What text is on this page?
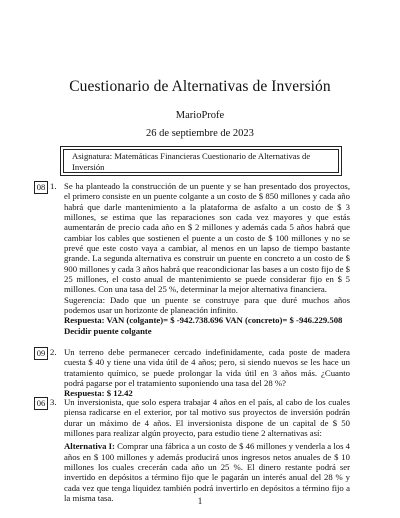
Cuestionario de Alternativas de Inversión
MarioProfe
26 de septiembre de 2023
Asignatura: Matemáticas Financieras Cuestionario de Alternativas de Inversión
08 1. Se ha planteado la construcción de un puente y se han presentado dos proyectos, el primero consiste en un puente colgante a un costo de $ 850 millones y cada año habrá que darle mantenimiento a la plataforma de asfalto a un costo de $ 3 millones, se estima que las reparaciones son cada vez mayores y que estás aumentarán de precio cada año en $ 2 millones y además cada 5 años habrá que cambiar los cables que sostienen el puente a un costo de $ 100 millones y no se prevé que este costo vaya a cambiar, al menos en un lapso de tiempo bastante grande. La segunda alternativa es construir un puente en concreto a un costo de $ 900 millones y cada 3 años habrá que reacondicionar las bases a un costo fijo de $ 25 millones, el costo anual de mantenimiento se puede considerar fijo en $ 5 millones. Con una tasa del 25 %, determinar la mejor alternativa financiera.

Sugerencia: Dado que un puente se construye para que duré muchos años podemos usar un horizonte de planeación infinito.

Respuesta: VAN (colgante)= $ -942.738.696 VAN (concreto)= $ -946.229.508

Decidir puente colgante

09 2. Un terreno debe permanecer cercado indefinidamente, cada poste de madera cuesta $ 40 y tiene una vida útil de 4 años; pero, si siendo nuevos se les hace un tratamiento químico, se puede prolongar la vida útil en 3 años más. ¿Cuanto podrá pagarse por el tratamiento suponiendo una tasa del 28 %?

Respuesta: $ 12.42

06 3. Un inversionista, que solo espera trabajar 4 años en el país, al cabo de los cuales piensa radicarse en el exterior, por tal motivo sus proyectos de inversión podrán durar un máximo de 4 años. El inversionista dispone de un capital de $ 50 millones para realizar algún proyecto, para estudio tiene 2 alternativas así:

Alternativa I: Comprar una fábrica a un costo de $ 46 millones y venderla a los 4 años en $ 100 millones y además producirá unos ingresos netos anuales de $ 10 millones los cuales crecerán cada año un 25 %. El dinero restante podrá ser invertido en depósitos a término fijo que le pagarán un interés anual del 28 % y cada vez que tenga liquidez también podrá invertirlo en depósitos a término fijo a la misma tasa.	1
